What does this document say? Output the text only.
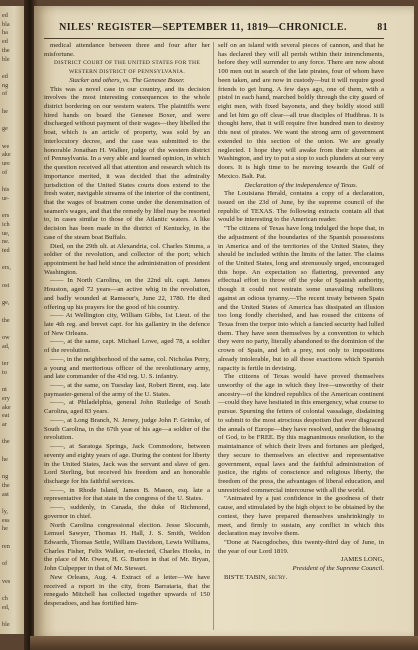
ed
bla
ha
ed
the
ble
ed
ng
of
he
ge
we
ake
ure
of
his
ur-
ers
ich
ue,
ne.
ted
ers,
ost
ge,
the
ow
ad,
ter
to
nt
ery
ake
eat
ar
the
he
ng
the
ast
ly,
ess
he
ren
of
ves
ch
ed,
ble
NILES' REGISTER—SEPTEMBER 11, 1819—CHRONICLE.	81

medical attendance between three and four after her misfortune.

DISTRICT COURT OF THE UNITED STATES FOR THE WESTERN DISTRICT OF PENNSYLVANIA.

Stacker and others, vs. The Genesee Boxer.

This was a novel case in our country, and its decision involves the most interesting consequences to the whole district bordering on our western waters. The plaintiffs were hired hands on board the Genesee Boxer, and were discharged without payment of their wages—they libelled the boat, which is an article of property, was sold by an interlocutory decree, and the case was submitted to the honorable Jonathan H. Walker, judge of the western district of Pennsylvania. In a very able and learned opinion, in which the question received all that attention and research which its importance merited, it was decided that the admiralty jurisdiction of the United States courts does extend to the fresh water, navigable streams of the interior of the continent, that the wages of boatmen come under the denomination of seamen's wages, and that the remedy by libel may be resorted to, in cases similar to those of the Atlantic waters. A like decision has been made in the district of Kentucky, in the case of the steam boat Buffalo.

Died, on the 29th ult. at Alexandria, col. Charles Simms, a soldier of the revolution, and collector of the port; which appointment he had held since the administration of president Washington.

—— In North Carolina, on the 22nd ult. capt. James Houston, aged 72 years—an active whig in the revolution, and badly wounded at Ramsour's, June 22, 1780. He died offering up his prayers for the good of his country.

—— At Wellington city, William Gibbs, 1st Lieut. of the late 4th reg. and brevet capt. for his gallantry in the defence of New Orleans.

——, at the same, capt. Michael Lowe, aged 78, a soldier of the revolution.

——, in the neighborhood of the same, col. Nicholas Perry, a young and meritorious officer of the revolutionary army, and late commander of the 43d reg. U. S. infantry.

——, at the same, on Tuesday last, Robert Brent, esq. late paymaster-general of the army of the U. States.

——, at Philadelphia, general John Rutledge of South Carolina, aged 83 years.

——, at Long Branch, N. Jersey, judge John F. Grimke, of South Carolina, in the 67th year of his age—a soldier of the revolution.

——, at Saratoga Springs, Jack Commodore, between seventy and eighty years of age. During the contest for liberty in the United States, Jack was the servant and slave of gen. Lord Sterling, but received his freedom and an honorable discharge for his faithful services.

——, in Rhode Island, James B. Mason, esq. late a representative for that state in the congress of the U. States.

——, suddenly, in Canada, the duke of Richmond, governor in chief.

North Carolina congressional election. Jesse Slocumb, Lemuel Sawyer, Thomas H. Hall, J. S. Smith, Weldon Edwards, Thomas Settle, William Davidson, Lewis Williams, Charles Fisher, Felix Walker, re-elected, Charles Hooks, in the place of Mr. Owen, H. G. Burton in that of Mr. Bryan, John Culpepper in that of Mr. Stewart.

New Orleans, Aug. 4. Extract of a letter—We have received a report in the city, from Barrataria, that the renegado Mitchell has collected together upwards of 150 desperadoes, and has fortified him-

self on an island with several pieces of cannon, and that he has declared they will all perish within their intrenchments, before they will surrender to any force. There are now about 100 men out in search of the late pirates, four of whom have been taken, and are now in custody—but it will require good friends to get hung. A few days ago, one of them, with a pistol in each hand, marched boldly through the city guard of eight men, with fixed bayonets, and they boldly stood still and let him go off clear—all true disciples of Hudibras. It is thought here, that it will require five hundred men to destroy this nest of pirates. We want the strong arm of government extended to this section of the union. We are greatly neglected. I hope they will awake from their slumbers at Washington, and try to put a stop to such plunders at our very doors. It is high time to be moving towards the Gulf of Mexico. Balt. Pat.

Declaration of the independence of Texas.

The Louisiana Herald, contains a copy of a declaration, issued on the 23d of June, by the supreme council of the republic of TEXAS. The following extracts contain all that would be interesting to the American reader.

"The citizens of Texas have long indulged the hope that, in the adjustment of the boundaries of the Spanish possessions in America and of the territories of the United States, they should be included within the limits of the latter. The claims of the United States, long and strenuously urged, encouraged this hope. An expectation so flattering, prevented any effectual effort to throw off the yoke of Spanish authority, though it could not restrain some unavailing rebellions against an odious tyranny.—The recent treaty between Spain and the United States of America has dissipated an illusion too long fondly cherished, and has roused the citizens of Texas from the torpor into which a fancied security had lulled them. They have seen themselves by a convention to which they were no party, literally abandoned to the dominion of the crown of Spain, and left a prey, not only to impositions already intolerable, but to all those exactions which Spanish rapacity is fertile in devising.

The citizens of Texas would have proved themselves unworthy of the age in which they live—unworthy of their ancestry—of the kindred republics of the American continent—could they have hesitated in this emergency, what course to pursue. Spurning the fetters of colonial vassalage, disdaining to submit to the most atrocious despotism that ever disgraced the annals of Europe—they have resolved, under the blessing of God, to be FREE. By this magnanimous resolution, to the maintainance of which their lives and fortunes are pledged, they secure to themselves an elective and representative government, equal laws and the faithful administration of justice, the rights of conscience and religious liberty, the freedom of the press, the advantages of liberal education, and unrestricted commercial intercourse with all the world.

"Animated by a just confidence in the goodness of their cause, and stimulated by the high object to be obtained by the contest, they have prepared themselves unshrinkingly to meet, and firmly to sustain, any conflict in which this declaration may involve them.

"Done at Nacogdoches, this twenty-third day of June, in the year of our Lord 1819.

JAMES LONG,

President of the Supreme Council.

BIS'TE TABIN, sec'ry.
